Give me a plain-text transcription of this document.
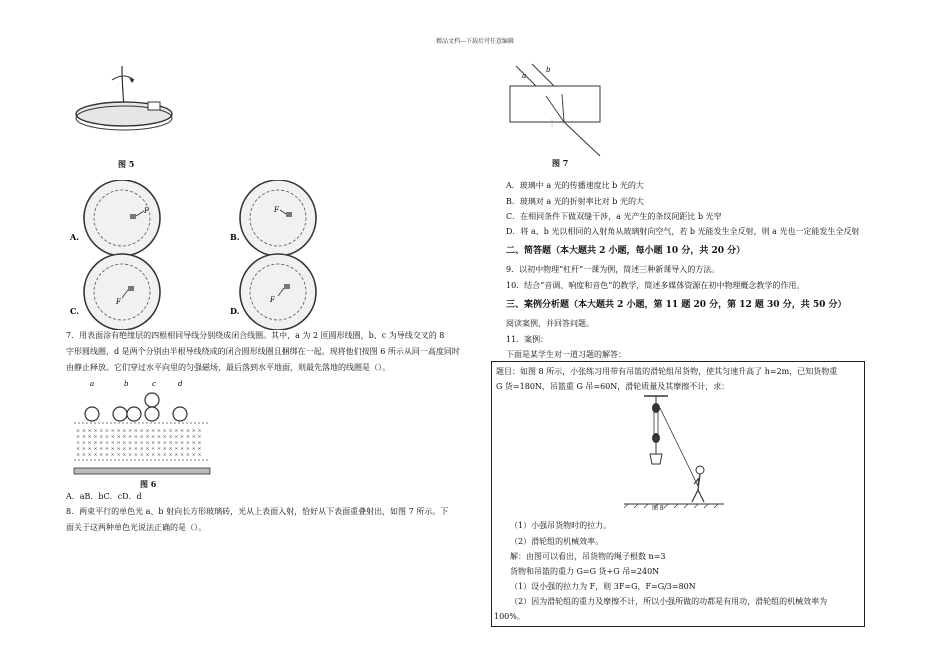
精品文档---下载后可任意编辑
图 5
F
A.
F
B.
F
C.
F
D.
7．用表面涂有绝缘层的四根相同导线分别绕成闭合线圈。其中，a 为 2 匝圆形线圈，b、c 为导线交叉的 8
字形圆线圈，d 是两个分别由半根导线绕成的闭合圆形线圈且捆绑在一起。现将他们按图 6 所示从同一高度同时
由静止释放。它们穿过水平向里的匀强磁场，最后落到水平地面，则最先落地的线圈是（）。
a	b	c	d
× × × × × × × × × × × × × × × × × × × × × ×
× × × × × × × × × × × × × × × × × × × × × ×
× × × × × × × × × × × × × × × × × × × × × ×
× × × × × × × × × × × × × × × × × × × × × ×
× × × × × × × × × × × × × × × × × × × × × ×
图 6
A．aB．bC．cD．d
8．两束平行的单色光 a、b 射向长方形玻璃砖，光从上表面入射，恰好从下表面重叠射出，如图 7 所示。下
面关于这两种单色光说法正确的是（）。
a
b
图 7
A．玻璃中 a 光的传播速度比 b 光的大
B．玻璃对 a 光的折射率比对 b 光的大
C．在相同条件下做双缝干涉，a 光产生的条纹间距比 b 光窄
D．将 a、b 光以相同的入射角从玻璃射向空气，若 b 光能发生全反射，则 a 光也一定能发生全反射
二、简答题（本大题共 2 小题，每小题 10 分，共 20 分）
9．以初中物理“杠杆”一课为例，简述三种新课导入的方法。
10．结合“音调、响度和音色”的教学，简述多媒体资源在初中物理概念教学的作用。
三、案例分析题（本大题共 2 小题，第 11 题 20 分，第 12 题 30 分，共 50 分）
阅读案例，并回答问题。
11．案例：
下面是某学生对一道习题的解答：
题目：如图 8 所示，小张练习用带有吊篮的滑轮组吊货物，使其匀速升高了 h=2m，已知货物重
G 货=180N，吊篮重 G 吊=60N，滑轮质量及其摩擦不计，求：
图 8
（1）小强吊货物时的拉力。
（2）滑轮组的机械效率。
解：由图可以看出，吊货物的绳子根数 n=3
货物和吊篮的重力 G=G 货+G 吊=240N
（1）设小强的拉力为 F，则 3F=G，F=G/3=80N
（2）因为滑轮组的重力及摩擦不计，所以小强所做的功都是有用功，滑轮组的机械效率为
100%。
